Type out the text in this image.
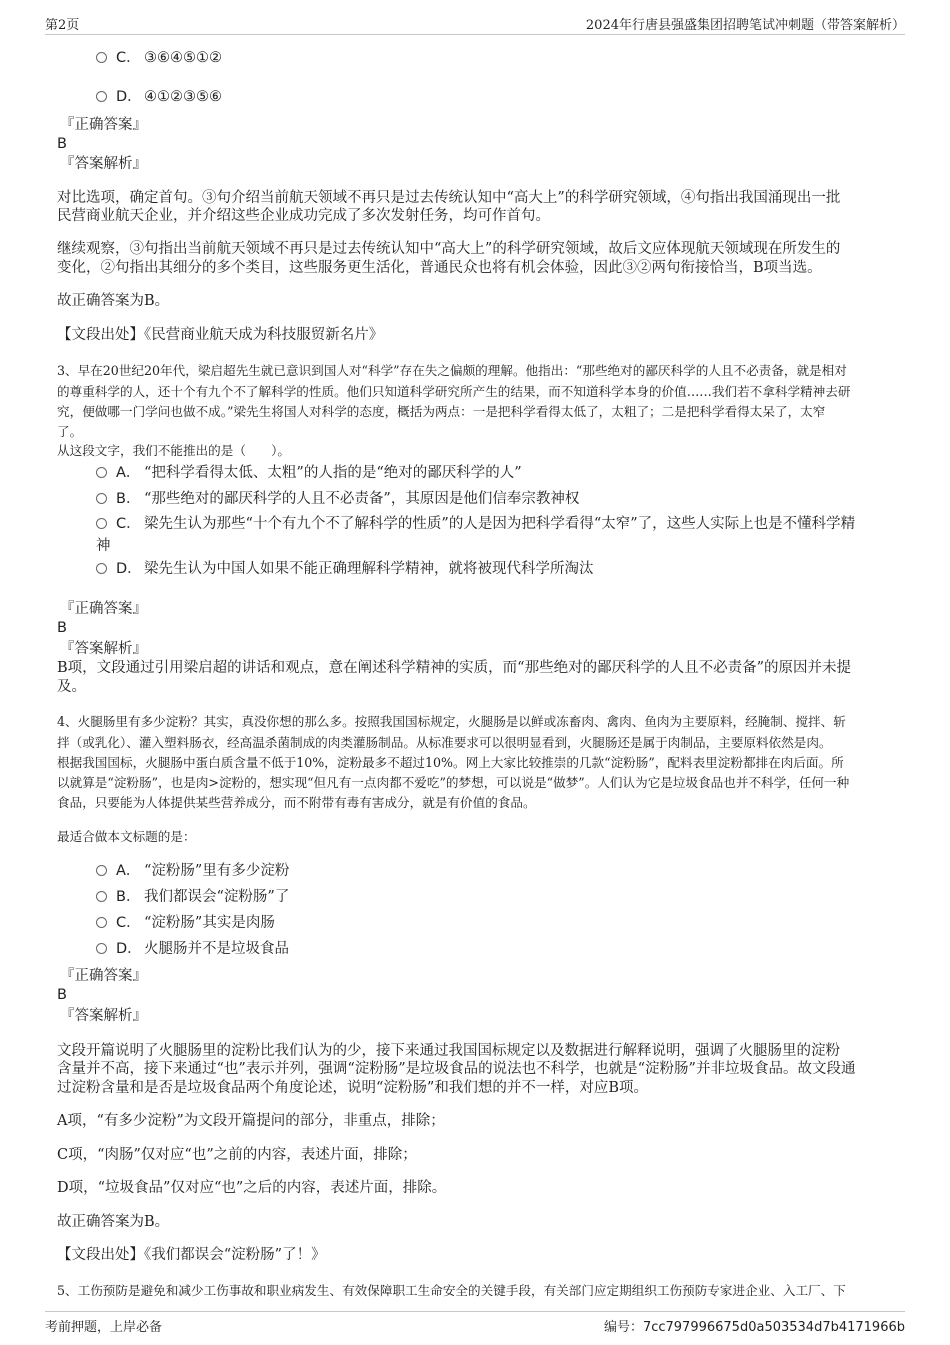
第2页	2024年行唐县强盛集团招聘笔试冲刺题（带答案解析）
C． ③⑥④⑤①②
D． ④①②③⑤⑥
『正确答案』
B
『答案解析』
对比选项，确定首句。③句介绍当前航天领域不再只是过去传统认知中“高大上”的科学研究领域，④句指出我国涌现出一批
民营商业航天企业，并介绍这些企业成功完成了多次发射任务，均可作首句。
继续观察，③句指出当前航天领域不再只是过去传统认知中“高大上”的科学研究领域，故后文应体现航天领域现在所发生的
变化，②句指出其细分的多个类目，这些服务更生活化，普通民众也将有机会体验，因此③②两句衔接恰当，B项当选。
故正确答案为B。
【文段出处】《民营商业航天成为科技服贸新名片》
3、早在20世纪20年代，梁启超先生就已意识到国人对“科学”存在失之偏颇的理解。他指出：“那些绝对的鄙厌科学的人且不必责备，就是相对
的尊重科学的人，还十个有九个不了解科学的性质。他们只知道科学研究所产生的结果，而不知道科学本身的价值……我们若不拿科学精神去研
究，便做哪一门学问也做不成。”梁先生将国人对科学的态度，概括为两点：一是把科学看得太低了，太粗了；二是把科学看得太呆了，太窄
了。
从这段文字，我们不能推出的是（　　）。
A． “把科学看得太低、太粗”的人指的是“绝对的鄙厌科学的人”
B． “那些绝对的鄙厌科学的人且不必责备”，其原因是他们信奉宗教神权
C． 梁先生认为那些“十个有九个不了解科学的性质”的人是因为把科学看得“太窄”了，这些人实际上也是不懂科学精
神
D． 梁先生认为中国人如果不能正确理解科学精神，就将被现代科学所淘汰
『正确答案』
B
『答案解析』
B项，文段通过引用梁启超的讲话和观点，意在阐述科学精神的实质，而“那些绝对的鄙厌科学的人且不必责备”的原因并未提
及。
4、火腿肠里有多少淀粉？其实，真没你想的那么多。按照我国国标规定，火腿肠是以鲜或冻畜肉、禽肉、鱼肉为主要原料，经腌制、搅拌、斩
拌（或乳化）、灌入塑料肠衣，经高温杀菌制成的肉类灌肠制品。从标准要求可以很明显看到，火腿肠还是属于肉制品，主要原料依然是肉。
根据我国国标，火腿肠中蛋白质含量不低于10%，淀粉最多不超过10%。网上大家比较推崇的几款“淀粉肠”，配料表里淀粉都排在肉后面。所
以就算是“淀粉肠”，也是肉>淀粉的，想实现“但凡有一点肉都不爱吃”的梦想，可以说是“做梦”。人们认为它是垃圾食品也并不科学，任何一种
食品，只要能为人体提供某些营养成分，而不附带有毒有害成分，就是有价值的食品。
最适合做本文标题的是：
A． “淀粉肠”里有多少淀粉
B． 我们都误会“淀粉肠”了
C． “淀粉肠”其实是肉肠
D． 火腿肠并不是垃圾食品
『正确答案』
B
『答案解析』
文段开篇说明了火腿肠里的淀粉比我们认为的少，接下来通过我国国标规定以及数据进行解释说明，强调了火腿肠里的淀粉
含量并不高，接下来通过“也”表示并列，强调“淀粉肠”是垃圾食品的说法也不科学，也就是“淀粉肠”并非垃圾食品。故文段通
过淀粉含量和是否是垃圾食品两个角度论述，说明“淀粉肠”和我们想的并不一样，对应B项。
A项，“有多少淀粉”为文段开篇提问的部分，非重点，排除；
C项，“肉肠”仅对应“也”之前的内容，表述片面，排除；
D项，“垃圾食品”仅对应“也”之后的内容，表述片面，排除。
故正确答案为B。
【文段出处】《我们都误会“淀粉肠”了！》
5、工伤预防是避免和减少工伤事故和职业病发生、有效保障职工生命安全的关键手段，有关部门应定期组织工伤预防专家进企业、入工厂、下
考前押题，上岸必备	编号：7cc797996675d0a503534d7b4171966b
